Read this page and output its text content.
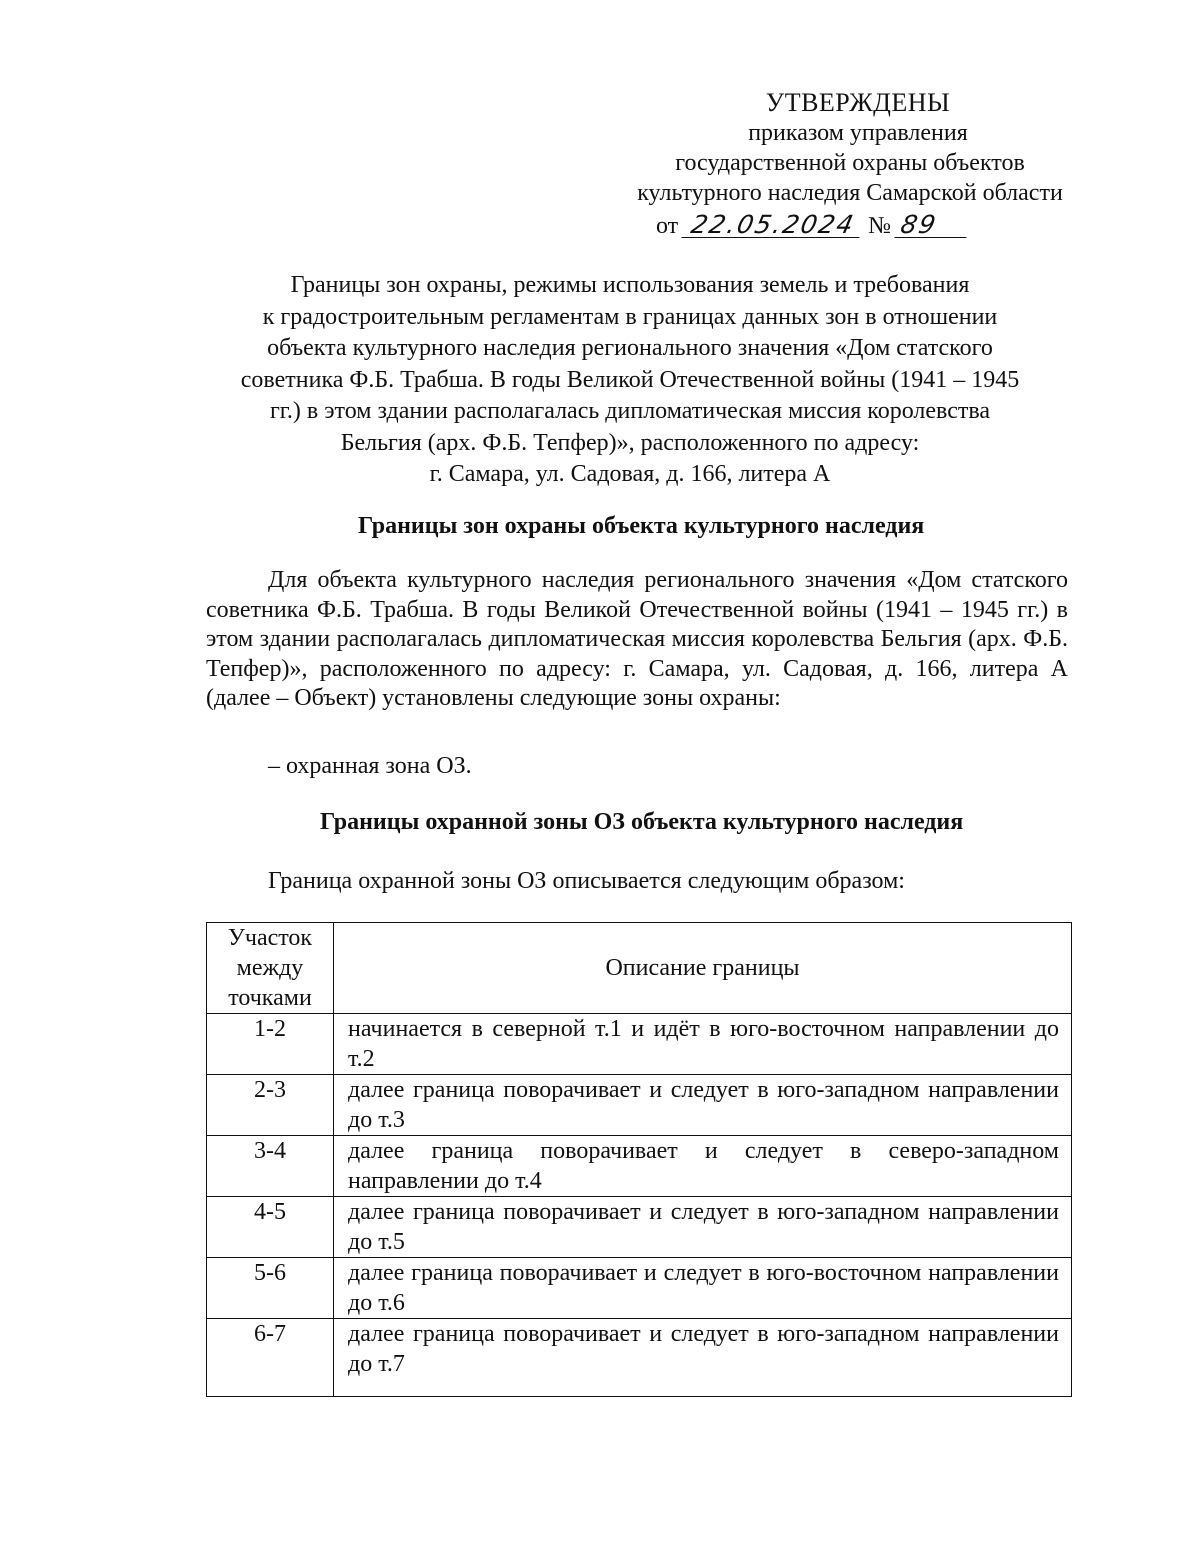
УТВЕРЖДЕНЫ
приказом управления
государственной охраны объектов
культурного наследия Самарской области
от 22.05.2024 № 89
Границы зон охраны, режимы использования земель и требования
к градостроительным регламентам в границах данных зон в отношении
объекта культурного наследия регионального значения «Дом статского
советника Ф.Б. Трабша. В годы Великой Отечественной войны (1941 – 1945
гг.) в этом здании располагалась дипломатическая миссия королевства
Бельгия (арх. Ф.Б. Тепфер)», расположенного по адресу:
г. Самара, ул. Садовая, д. 166, литера А
Границы зон охраны объекта культурного наследия
Для объекта культурного наследия регионального значения «Дом статского советника Ф.Б. Трабша. В годы Великой Отечественной войны (1941 – 1945 гг.) в этом здании располагалась дипломатическая миссия королевства Бельгия (арх. Ф.Б. Тепфер)», расположенного по адресу: г. Самара, ул. Садовая, д. 166, литера А (далее – Объект) установлены следующие зоны охраны:
– охранная зона ОЗ.
Границы охранной зоны ОЗ объекта культурного наследия
Граница охранной зоны ОЗ описывается следующим образом:
Участок
между
точками	Описание границы
1-2	начинается в северной т.1 и идёт в юго-восточном направлении до т.2
2-3	далее граница поворачивает и следует в юго-западном направлении до т.3
3-4	далее граница поворачивает и следует в северо-западном направлении до т.4
4-5	далее граница поворачивает и следует в юго-западном направлении до т.5
5-6	далее граница поворачивает и следует в юго-восточном направлении до т.6
6-7	далее граница поворачивает и следует в юго-западном направлении до т.7
